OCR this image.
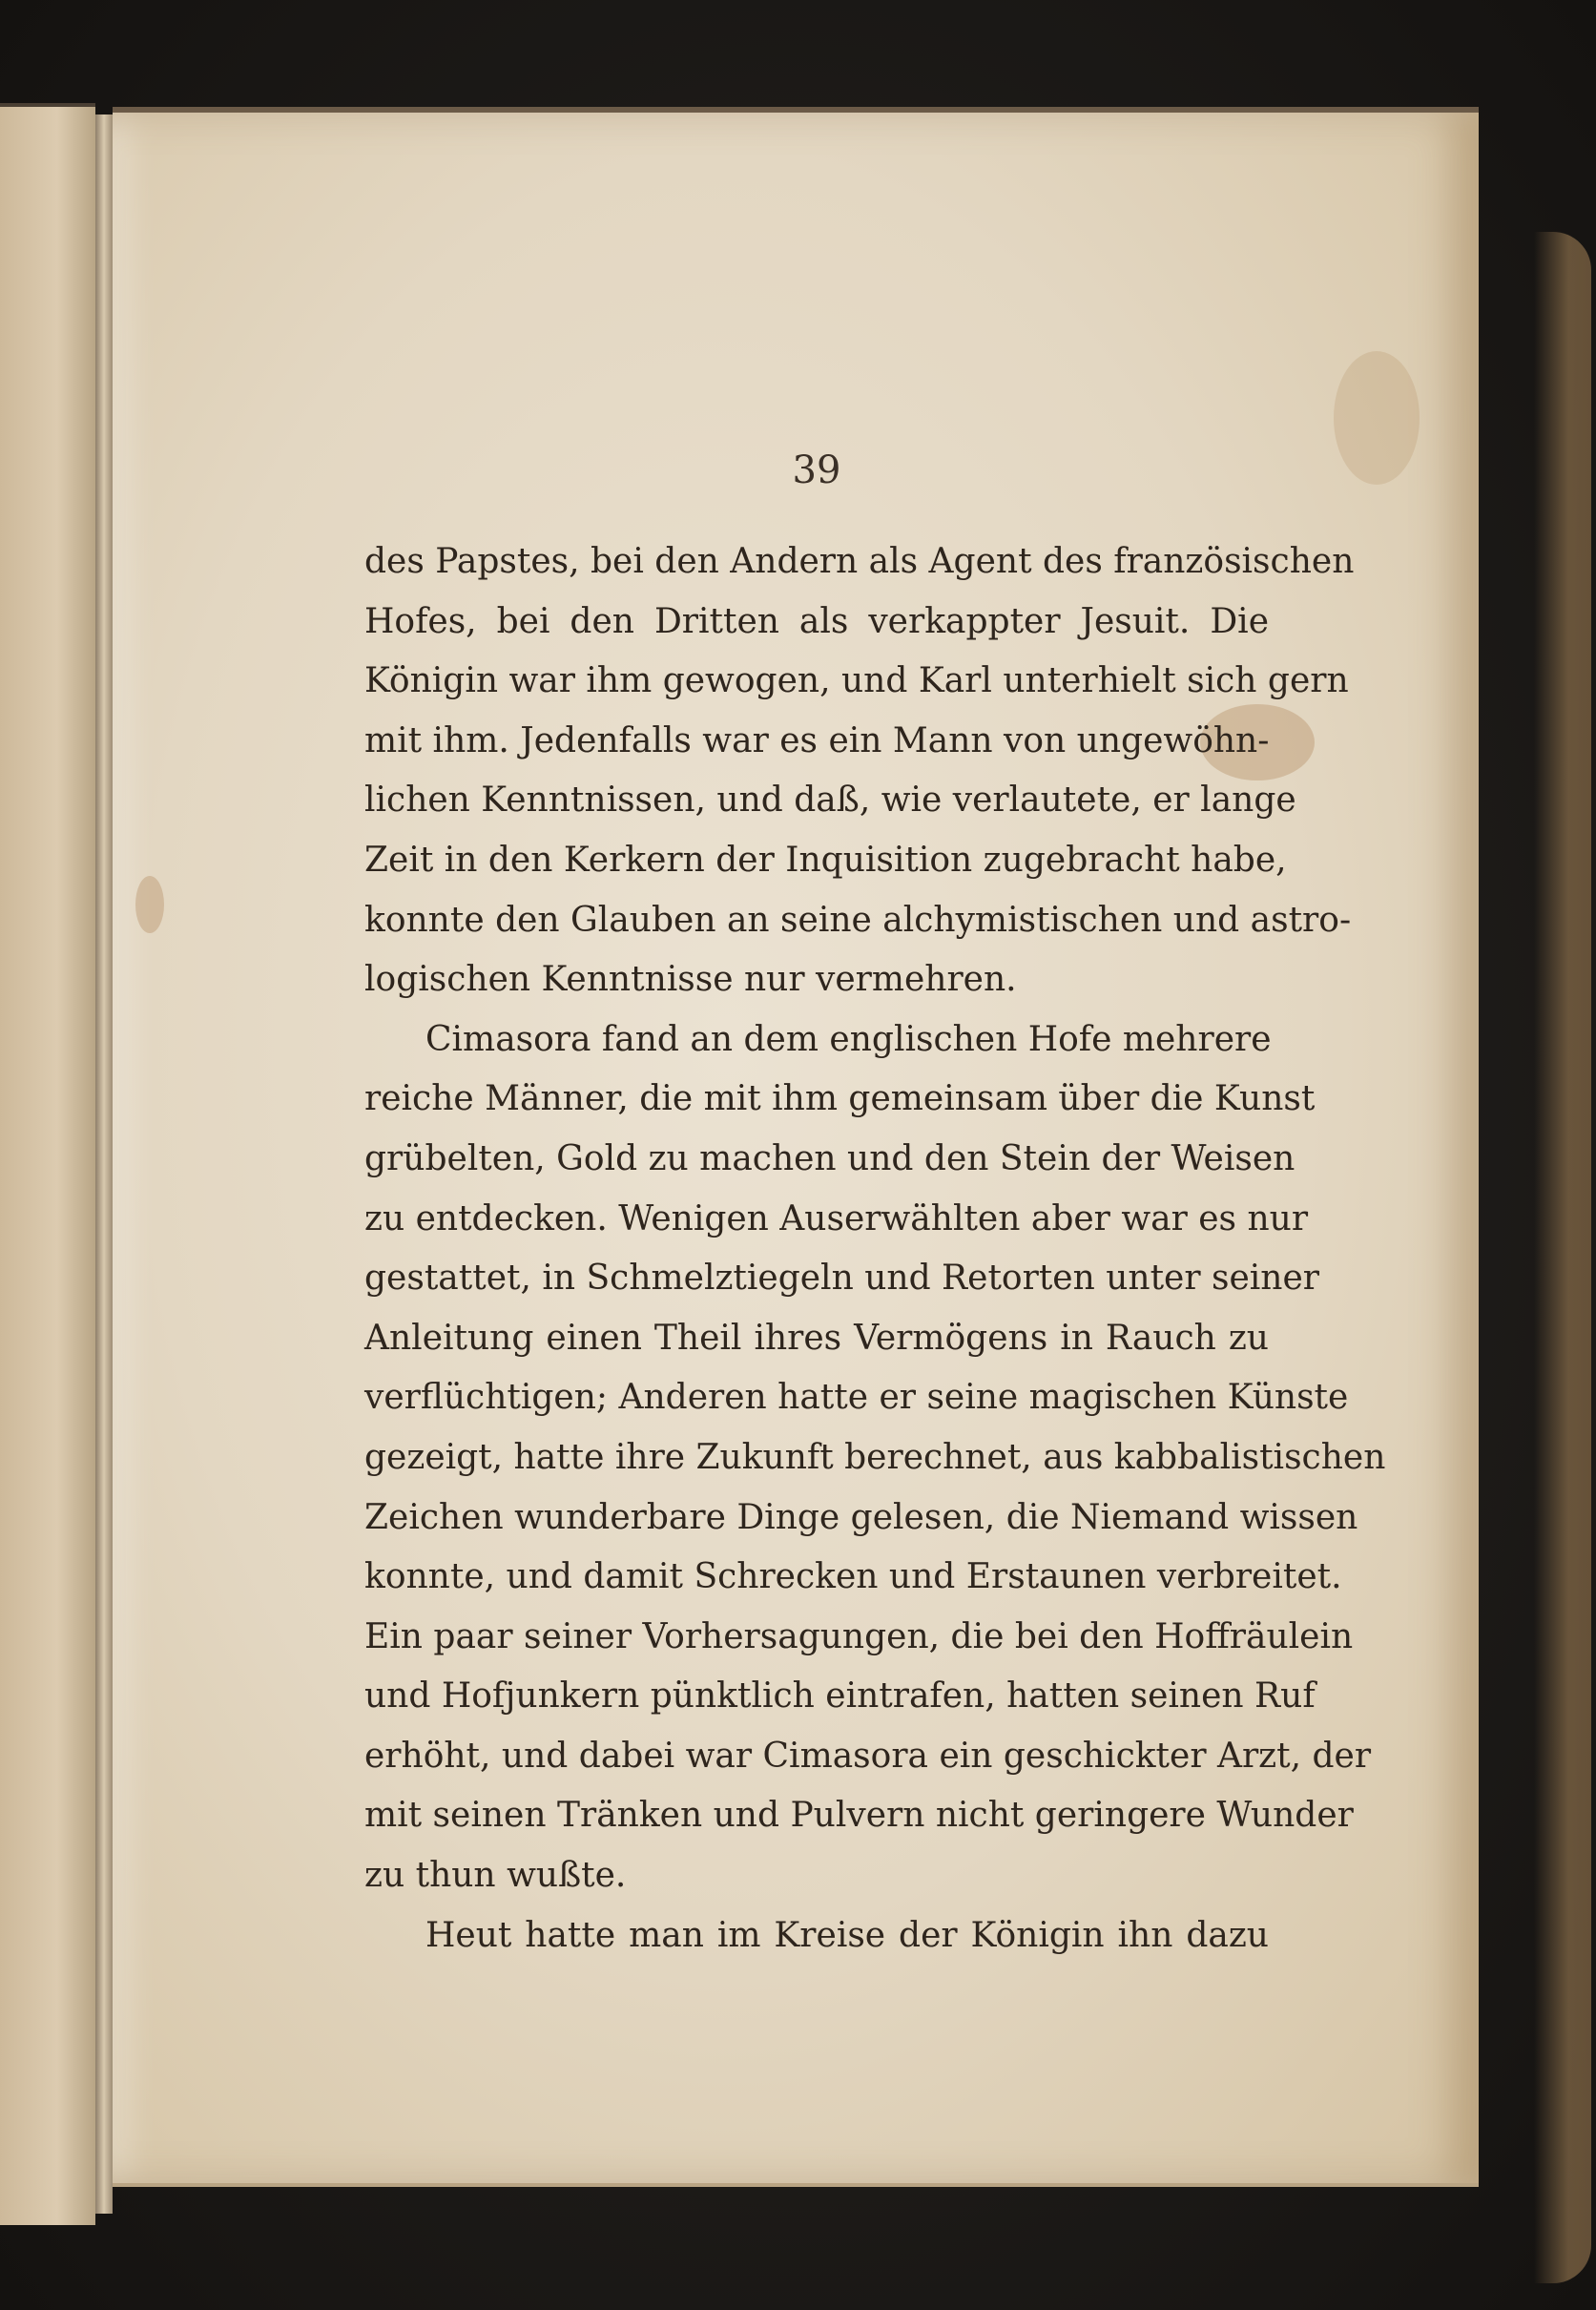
39
des Papstes, bei den Andern als Agent des französischen
Hofes, bei den Dritten als verkappter Jesuit. Die
Königin war ihm gewogen, und Karl unterhielt sich gern
mit ihm. Jedenfalls war es ein Mann von ungewöhn-
lichen Kenntnissen, und daß, wie verlautete, er lange
Zeit in den Kerkern der Inquisition zugebracht habe,
konnte den Glauben an seine alchymistischen und astro-
logischen Kenntnisse nur vermehren.
Cimasora fand an dem englischen Hofe mehrere
reiche Männer, die mit ihm gemeinsam über die Kunst
grübelten, Gold zu machen und den Stein der Weisen
zu entdecken. Wenigen Auserwählten aber war es nur
gestattet, in Schmelztiegeln und Retorten unter seiner
Anleitung einen Theil ihres Vermögens in Rauch zu
verflüchtigen; Anderen hatte er seine magischen Künste
gezeigt, hatte ihre Zukunft berechnet, aus kabbalistischen
Zeichen wunderbare Dinge gelesen, die Niemand wissen
konnte, und damit Schrecken und Erstaunen verbreitet.
Ein paar seiner Vorhersagungen, die bei den Hoffräulein
und Hofjunkern pünktlich eintrafen, hatten seinen Ruf
erhöht, und dabei war Cimasora ein geschickter Arzt, der
mit seinen Tränken und Pulvern nicht geringere Wunder
zu thun wußte.
Heut hatte man im Kreise der Königin ihn dazu
